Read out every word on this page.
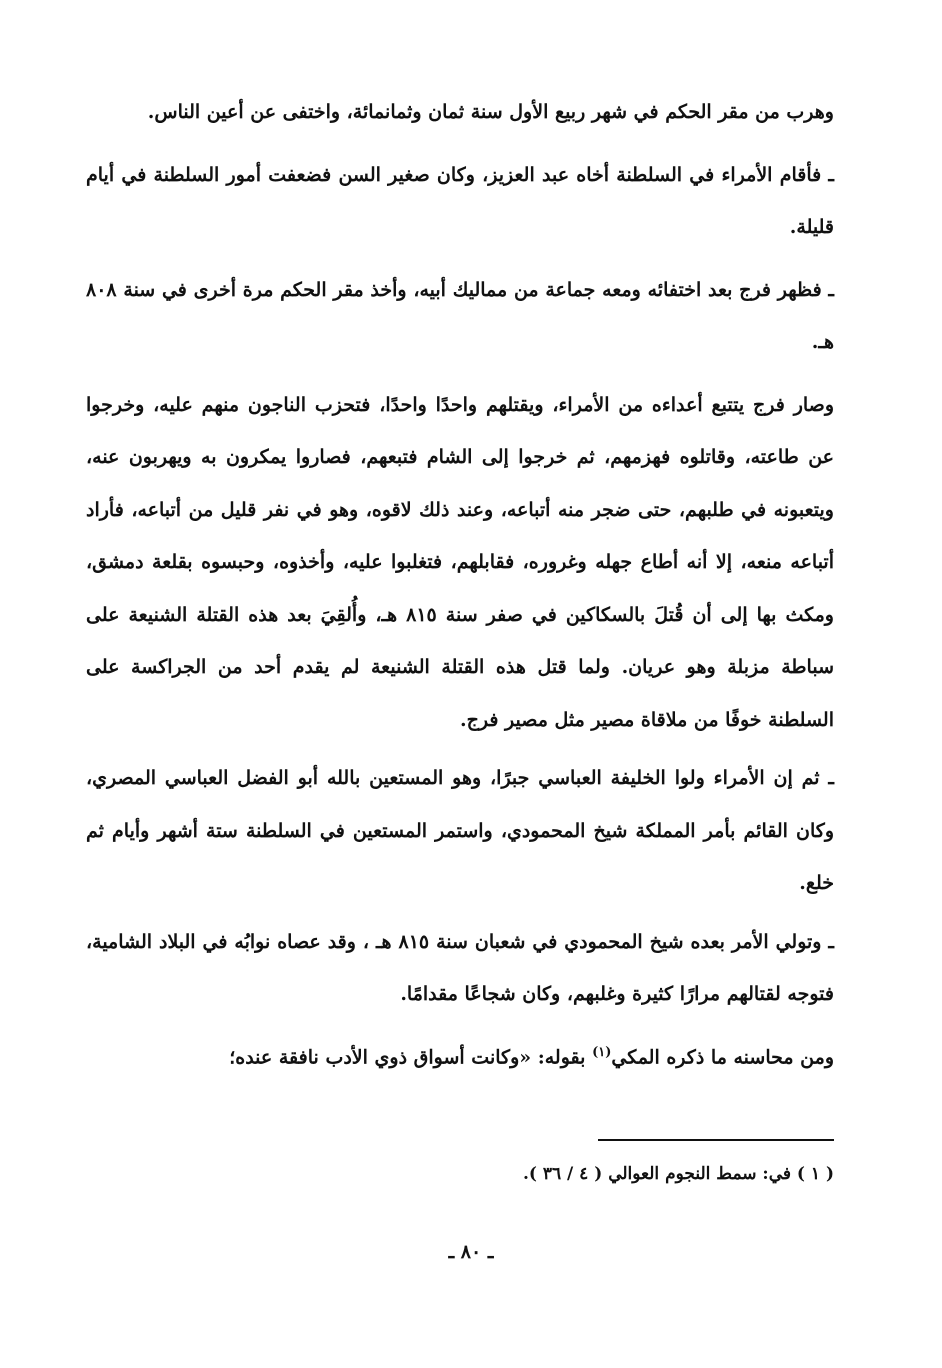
وهرب من مقر الحكم في شهر ربيع الأول سنة ثمان وثمانمائة، واختفى عن أعين الناس.

ـ فأقام الأمراء في السلطنة أخاه عبد العزيز، وكان صغير السن فضعفت أمور السلطنة في أيام قليلة.

ـ فظهر فرج بعد اختفائه ومعه جماعة من مماليك أبيه، وأخذ مقر الحكم مرة أخرى في سنة ٨٠٨ هـ.

وصار فرج يتتبع أعداءه من الأمراء، ويقتلهم واحدًا واحدًا، فتحزب الناجون منهم عليه، وخرجوا عن طاعته، وقاتلوه فهزمهم، ثم خرجوا إلى الشام فتبعهم، فصاروا يمكرون به ويهربون عنه، ويتعبونه في طلبهم، حتى ضجر منه أتباعه، وعند ذلك لاقوه، وهو في نفر قليل من أتباعه، فأراد أتباعه منعه، إلا أنه أطاع جهله وغروره، فقابلهم، فتغلبوا عليه، وأخذوه، وحبسوه بقلعة دمشق، ومكث بها إلى أن قُتلَ بالسكاكين في صفر سنة ٨١٥ هـ، وأُلقِيَ بعد هذه القتلة الشنيعة على سباطة مزبلة وهو عريان. ولما قتل هذه القتلة الشنيعة لم يقدم أحد من الجراكسة على السلطنة خوفًا من ملاقاة مصير مثل مصير فرج.

ـ ثم إن الأمراء ولوا الخليفة العباسي جبرًا، وهو المستعين بالله أبو الفضل العباسي المصري، وكان القائم بأمر المملكة شيخ المحمودي، واستمر المستعين في السلطنة ستة أشهر وأيام ثم خلع.

ـ وتولي الأمر بعده شيخ المحمودي في شعبان سنة ٨١٥ هـ ، وقد عصاه نوابُه في البلاد الشامية، فتوجه لقتالهم مرارًا كثيرة وغلبهم، وكان شجاعًا مقدامًا.

ومن محاسنه ما ذكره المكي$^{(١)}$ بقوله: «وكانت أسواق ذوي الأدب نافقة عنده؛

( ١ ) في: سمط النجوم العوالي ( ٤ / ٣٦ ).
ـ ٨٠ ـ
